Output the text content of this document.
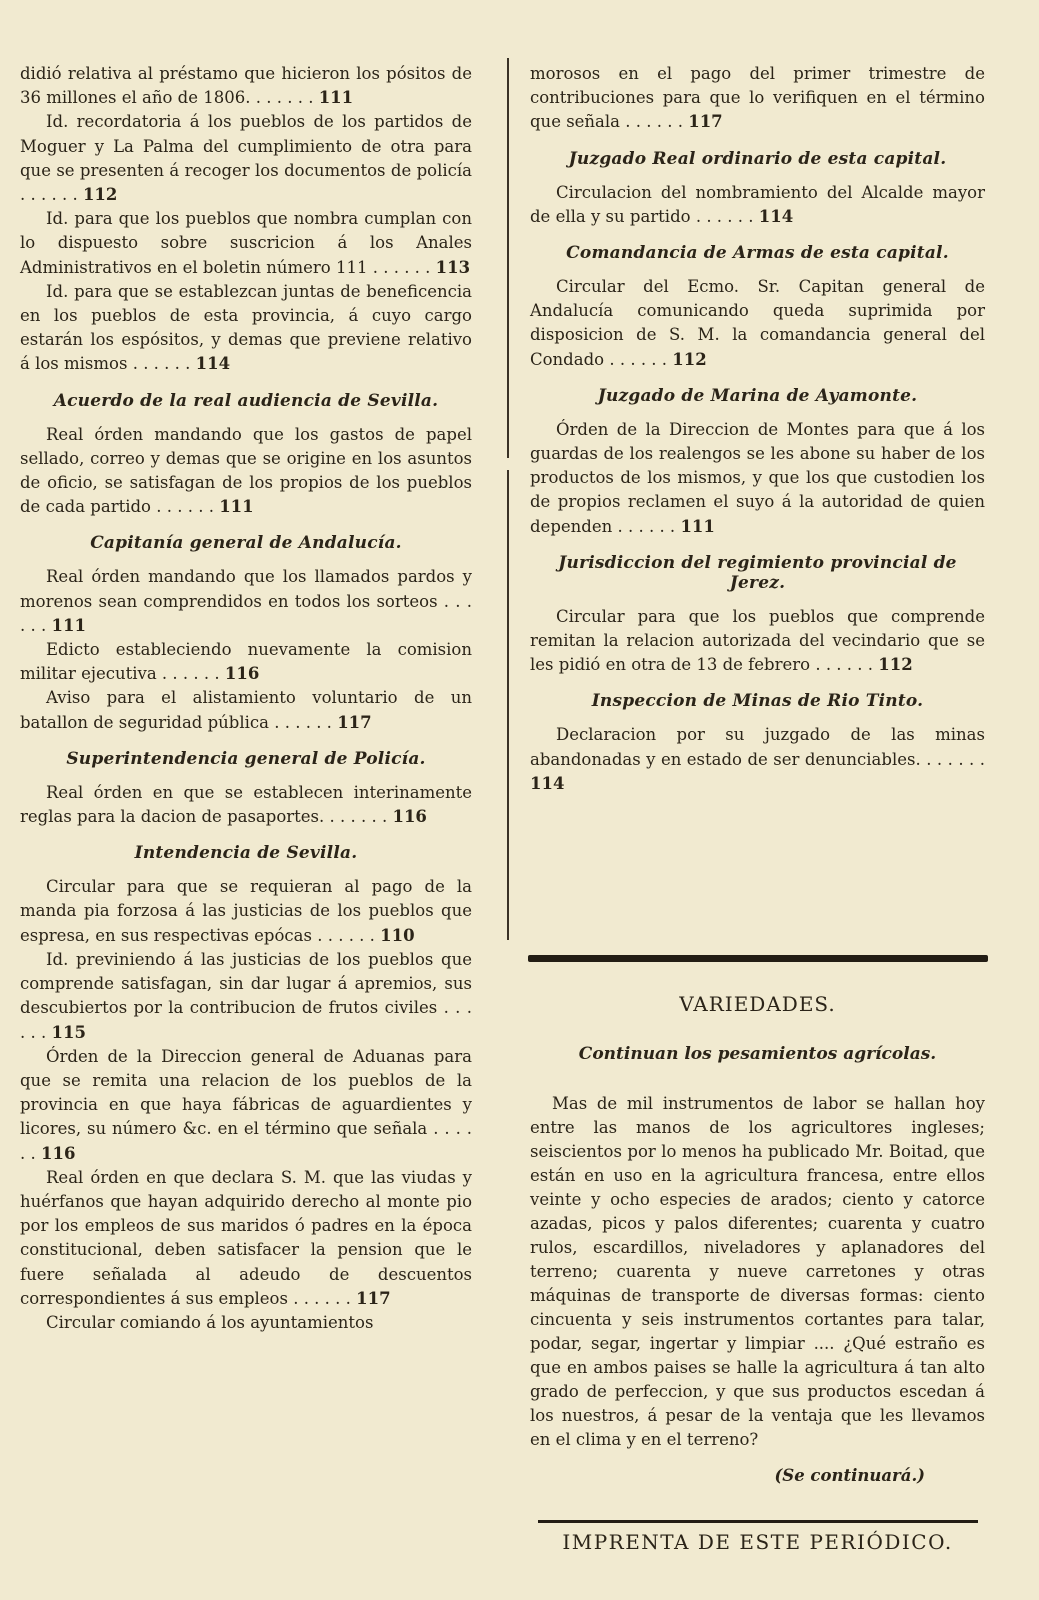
didió relativa al préstamo que hicieron los pósitos de 36 millones el año de 1806. . . . . . . 111

Id. recordatoria á los pueblos de los partidos de Moguer y La Palma del cumplimiento de otra para que se presenten á recoger los documentos de policía . . . . . . 112

Id. para que los pueblos que nombra cumplan con lo dispuesto sobre suscricion á los Anales Administrativos en el boletin número 111 . . . . . . 113

Id. para que se establezcan juntas de beneficencia en los pueblos de esta provincia, á cuyo cargo estarán los espósitos, y demas que previene relativo á los mismos . . . . . . 114

Acuerdo de la real audiencia de Sevilla.

Real órden mandando que los gastos de papel sellado, correo y demas que se origine en los asuntos de oficio, se satisfagan de los propios de los pueblos de cada partido . . . . . . 111

Capitanía general de Andalucía.

Real órden mandando que los llamados pardos y morenos sean comprendidos en todos los sorteos . . . . . . 111

Edicto estableciendo nuevamente la comision militar ejecutiva . . . . . . 116

Aviso para el alistamiento voluntario de un batallon de seguridad pública . . . . . . 117

Superintendencia general de Policía.

Real órden en que se establecen interinamente reglas para la dacion de pasaportes. . . . . . . 116

Intendencia de Sevilla.

Circular para que se requieran al pago de la manda pia forzosa á las justicias de los pueblos que espresa, en sus respectivas epócas . . . . . . 110

Id. previniendo á las justicias de los pueblos que comprende satisfagan, sin dar lugar á apremios, sus descubiertos por la contribucion de frutos civiles . . . . . . 115

Órden de la Direccion general de Aduanas para que se remita una relacion de los pueblos de la provincia en que haya fábricas de aguardientes y licores, su número &c. en el término que señala . . . . . . 116

Real órden en que declara S. M. que las viudas y huérfanos que hayan adquirido derecho al monte pio por los empleos de sus maridos ó padres en la época constitucional, deben satisfacer la pension que le fuere señalada al adeudo de descuentos correspondientes á sus empleos . . . . . . 117

Circular comiando á los ayuntamientos

morosos en el pago del primer trimestre de contribuciones para que lo verifiquen en el término que señala . . . . . . 117

Juzgado Real ordinario de esta capital.

Circulacion del nombramiento del Alcalde mayor de ella y su partido . . . . . . 114

Comandancia de Armas de esta capital.

Circular del Ecmo. Sr. Capitan general de Andalucía comunicando queda suprimida por disposicion de S. M. la comandancia general del Condado . . . . . . 112

Juzgado de Marina de Ayamonte.

Órden de la Direccion de Montes para que á los guardas de los realengos se les abone su haber de los productos de los mismos, y que los que custodien los de propios reclamen el suyo á la autoridad de quien dependen . . . . . . 111

Jurisdiccion del regimiento provincial de Jerez.

Circular para que los pueblos que comprende remitan la relacion autorizada del vecindario que se les pidió en otra de 13 de febrero . . . . . . 112

Inspeccion de Minas de Rio Tinto.

Declaracion por su juzgado de las minas abandonadas y en estado de ser denunciables. . . . . . . 114

VARIEDADES.
Continuan los pesamientos agrícolas.

Mas de mil instrumentos de labor se hallan hoy entre las manos de los agricultores ingleses; seiscientos por lo menos ha publicado Mr. Boitad, que están en uso en la agricultura francesa, entre ellos veinte y ocho especies de arados; ciento y catorce azadas, picos y palos diferentes; cuarenta y cuatro rulos, escardillos, niveladores y aplanadores del terreno; cuarenta y nueve carretones y otras máquinas de transporte de diversas formas: ciento cincuenta y seis instrumentos cortantes para talar, podar, segar, ingertar y limpiar .... ¿Qué estraño es que en ambos paises se halle la agricultura á tan alto grado de perfeccion, y que sus productos escedan á los nuestros, á pesar de la ventaja que les llevamos en el clima y en el terreno?

(Se continuará.)
IMPRENTA DE ESTE PERIÓDICO.
